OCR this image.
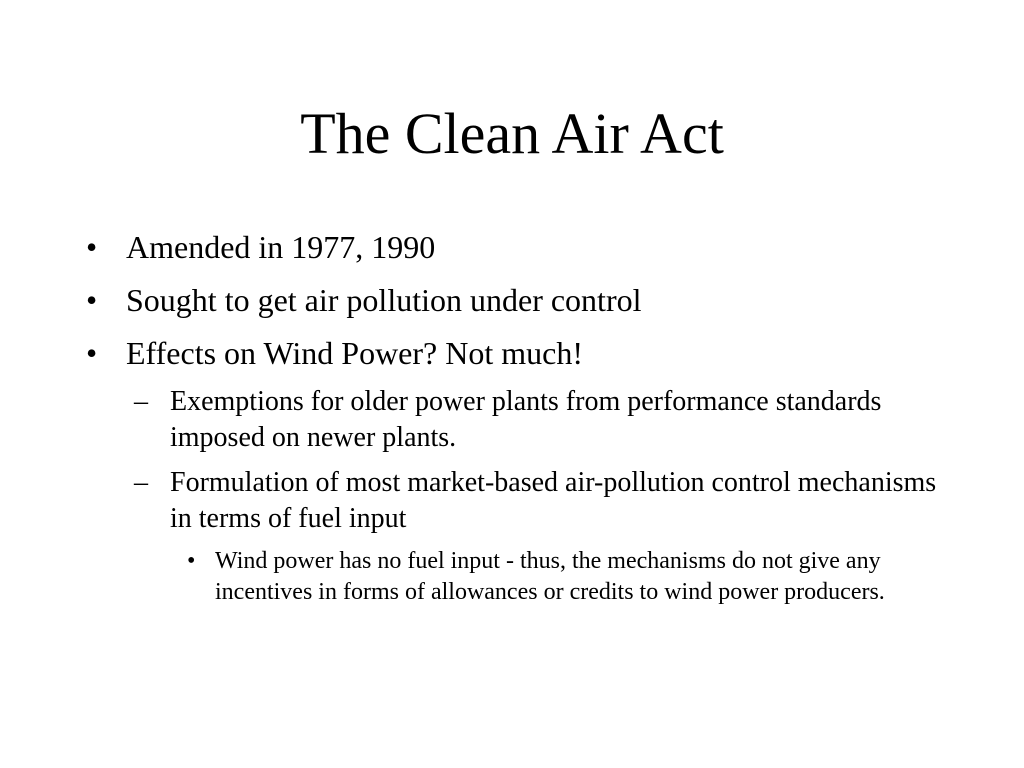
The Clean Air Act
• Amended in 1977, 1990
• Sought to get air pollution under control
• Effects on Wind Power? Not much!
– Exemptions for older power plants from performance standards imposed on newer plants.
– Formulation of most market-based air-pollution control mechanisms in terms of fuel input
• Wind power has no fuel input - thus, the mechanisms do not give any incentives in forms of allowances or credits to wind power producers.
